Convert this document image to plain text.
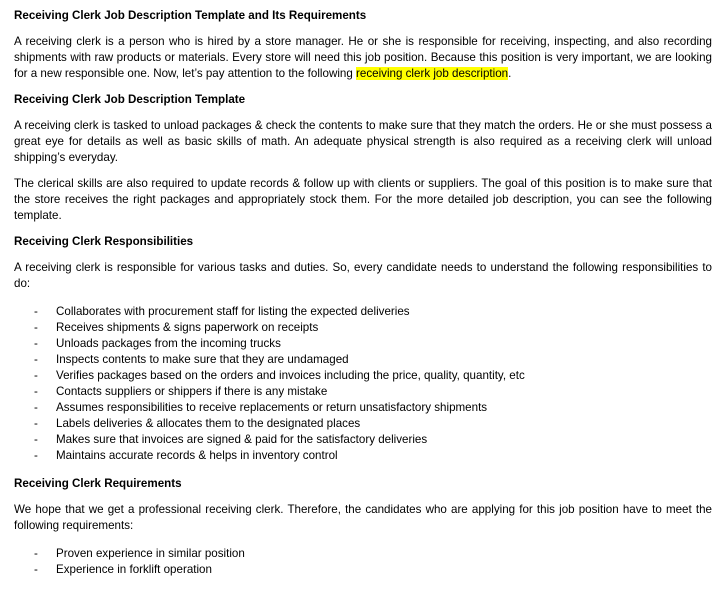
Receiving Clerk Job Description Template and Its Requirements
A receiving clerk is a person who is hired by a store manager. He or she is responsible for receiving, inspecting, and also recording shipments with raw products or materials. Every store will need this job position. Because this position is very important, we are looking for a new responsible one. Now, let’s pay attention to the following receiving clerk job description.
Receiving Clerk Job Description Template
A receiving clerk is tasked to unload packages & check the contents to make sure that they match the orders. He or she must possess a great eye for details as well as basic skills of math. An adequate physical strength is also required as a receiving clerk will unload shipping’s everyday.
The clerical skills are also required to update records & follow up with clients or suppliers. The goal of this position is to make sure that the store receives the right packages and appropriately stock them. For the more detailed job description, you can see the following template.
Receiving Clerk Responsibilities
A receiving clerk is responsible for various tasks and duties. So, every candidate needs to understand the following responsibilities to do:
- Collaborates with procurement staff for listing the expected deliveries
- Receives shipments & signs paperwork on receipts
- Unloads packages from the incoming trucks
- Inspects contents to make sure that they are undamaged
- Verifies packages based on the orders and invoices including the price, quality, quantity, etc
- Contacts suppliers or shippers if there is any mistake
- Assumes responsibilities to receive replacements or return unsatisfactory shipments
- Labels deliveries & allocates them to the designated places
- Makes sure that invoices are signed & paid for the satisfactory deliveries
- Maintains accurate records & helps in inventory control
Receiving Clerk Requirements
We hope that we get a professional receiving clerk. Therefore, the candidates who are applying for this job position have to meet the following requirements:
- Proven experience in similar position
- Experience in forklift operation
